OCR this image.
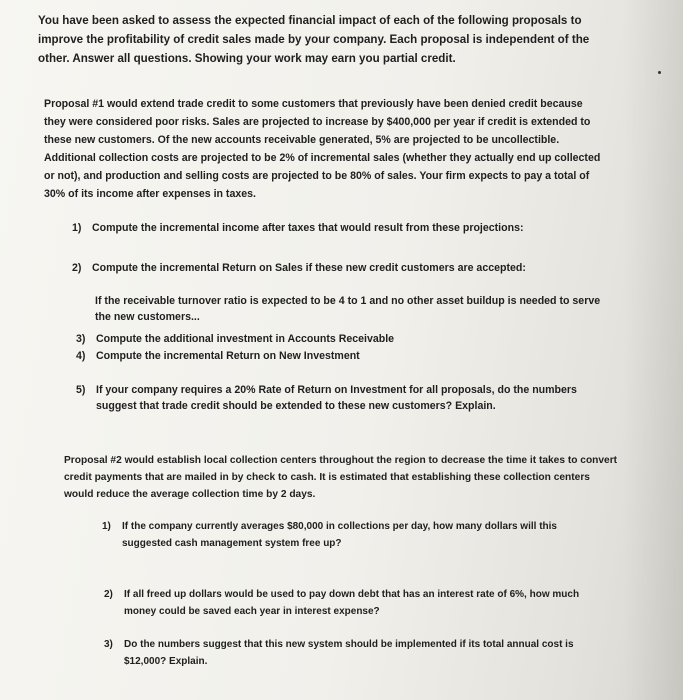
You have been asked to assess the expected financial impact of each of the following proposals to improve the profitability of credit sales made by your company. Each proposal is independent of the other. Answer all questions. Showing your work may earn you partial credit.

Proposal #1 would extend trade credit to some customers that previously have been denied credit because they were considered poor risks. Sales are projected to increase by $400,000 per year if credit is extended to these new customers. Of the new accounts receivable generated, 5% are projected to be uncollectible. Additional collection costs are projected to be 2% of incremental sales (whether they actually end up collected or not), and production and selling costs are projected to be 80% of sales. Your firm expects to pay a total of 30% of its income after expenses in taxes.

1) Compute the incremental income after taxes that would result from these projections:
2) Compute the incremental Return on Sales if these new credit customers are accepted:
If the receivable turnover ratio is expected to be 4 to 1 and no other asset buildup is needed to serve the new customers...
3) Compute the additional investment in Accounts Receivable
4) Compute the incremental Return on New Investment
5) If your company requires a 20% Rate of Return on Investment for all proposals, do the numbers suggest that trade credit should be extended to these new customers? Explain.

Proposal #2 would establish local collection centers throughout the region to decrease the time it takes to convert credit payments that are mailed in by check to cash. It is estimated that establishing these collection centers would reduce the average collection time by 2 days.

1)	If the company currently averages $80,000 in collections per day, how many dollars will this suggested cash management system free up?
2)	If all freed up dollars would be used to pay down debt that has an interest rate of 6%, how much money could be saved each year in interest expense?
3)	Do the numbers suggest that this new system should be implemented if its total annual cost is $12,000? Explain.
